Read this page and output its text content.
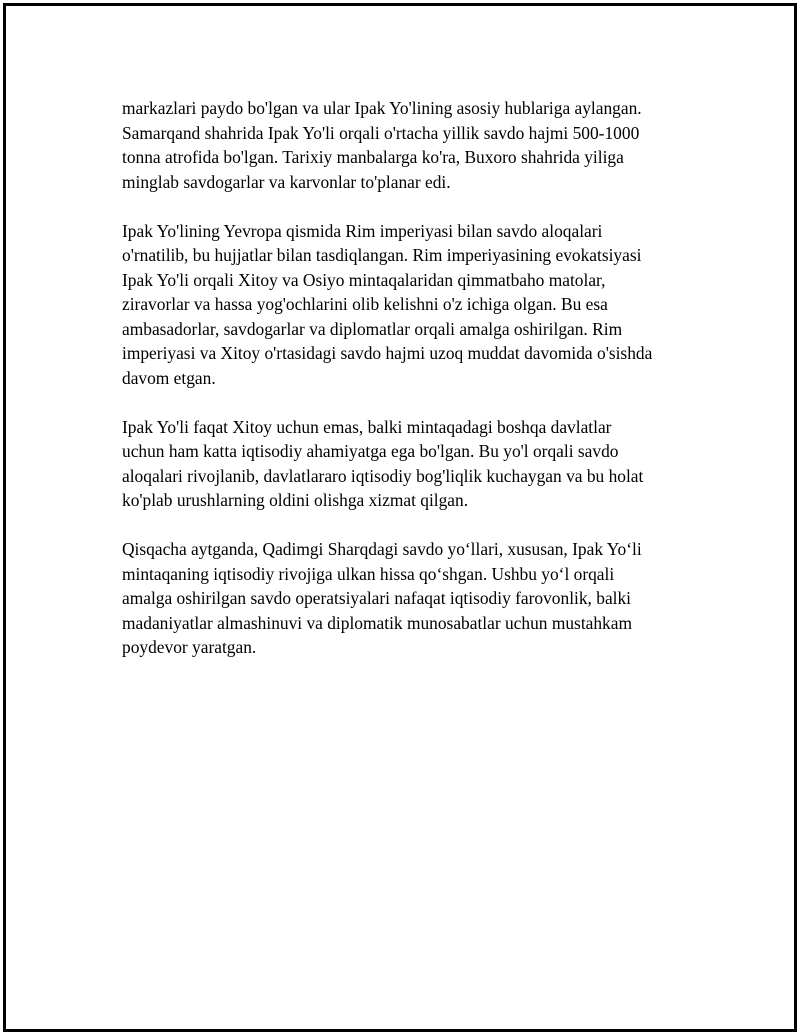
markazlari paydo bo'lgan va ular Ipak Yo'lining asosiy hublariga aylangan.
Samarqand shahrida Ipak Yo'li orqali o'rtacha yillik savdo hajmi 500-1000
tonna atrofida bo'lgan. Tarixiy manbalarga ko'ra, Buxoro shahrida yiliga
minglab savdogarlar va karvonlar to'planar edi.

Ipak Yo'lining Yevropa qismida Rim imperiyasi bilan savdo aloqalari
o'rnatilib, bu hujjatlar bilan tasdiqlangan. Rim imperiyasining evokatsiyasi
Ipak Yo'li orqali Xitoy va Osiyo mintaqalaridan qimmatbaho matolar,
ziravorlar va hassa yog'ochlarini olib kelishni o'z ichiga olgan. Bu esa
ambasadorlar, savdogarlar va diplomatlar orqali amalga oshirilgan. Rim
imperiyasi va Xitoy o'rtasidagi savdo hajmi uzoq muddat davomida o'sishda
davom etgan.

Ipak Yo'li faqat Xitoy uchun emas, balki mintaqadagi boshqa davlatlar
uchun ham katta iqtisodiy ahamiyatga ega bo'lgan. Bu yo'l orqali savdo
aloqalari rivojlanib, davlatlararo iqtisodiy bog'liqlik kuchaygan va bu holat
ko'plab urushlarning oldini olishga xizmat qilgan.

Qisqacha aytganda, Qadimgi Sharqdagi savdo yo‘llari, xususan, Ipak Yo‘li
mintaqaning iqtisodiy rivojiga ulkan hissa qo‘shgan. Ushbu yo‘l orqali
amalga oshirilgan savdo operatsiyalari nafaqat iqtisodiy farovonlik, balki
madaniyatlar almashinuvi va diplomatik munosabatlar uchun mustahkam
poydevor yaratgan.
